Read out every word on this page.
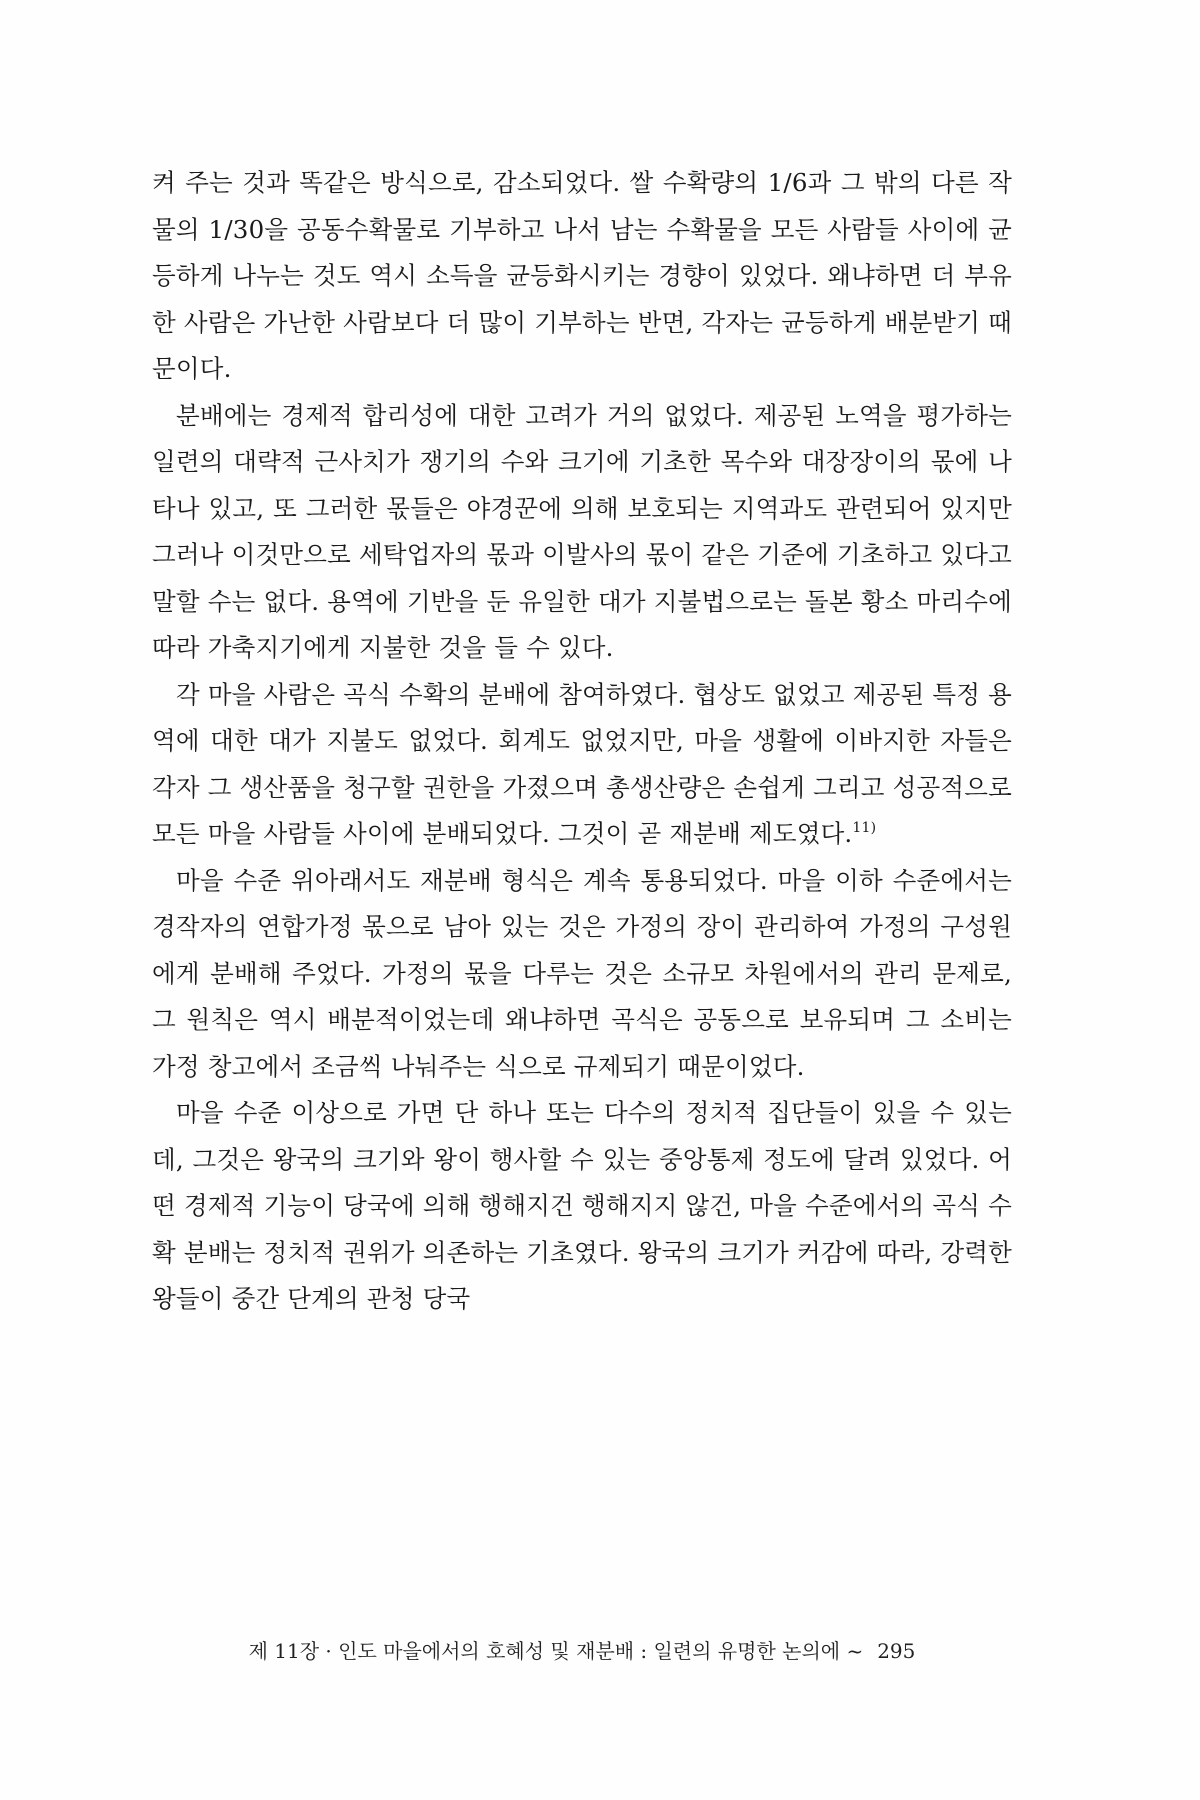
켜 주는 것과 똑같은 방식으로, 감소되었다. 쌀 수확량의 1/6과 그 밖의 다른 작물의 1/30을 공동수확물로 기부하고 나서 남는 수확물을 모든 사람들 사이에 균등하게 나누는 것도 역시 소득을 균등화시키는 경향이 있었다. 왜냐하면 더 부유한 사람은 가난한 사람보다 더 많이 기부하는 반면, 각자는 균등하게 배분받기 때문이다.

분배에는 경제적 합리성에 대한 고려가 거의 없었다. 제공된 노역을 평가하는 일련의 대략적 근사치가 쟁기의 수와 크기에 기초한 목수와 대장장이의 몫에 나타나 있고, 또 그러한 몫들은 야경꾼에 의해 보호되는 지역과도 관련되어 있지만 그러나 이것만으로 세탁업자의 몫과 이발사의 몫이 같은 기준에 기초하고 있다고 말할 수는 없다. 용역에 기반을 둔 유일한 대가 지불법으로는 돌본 황소 마리수에 따라 가축지기에게 지불한 것을 들 수 있다.

각 마을 사람은 곡식 수확의 분배에 참여하였다. 협상도 없었고 제공된 특정 용역에 대한 대가 지불도 없었다. 회계도 없었지만, 마을 생활에 이바지한 자들은 각자 그 생산품을 청구할 권한을 가졌으며 총생산량은 손쉽게 그리고 성공적으로 모든 마을 사람들 사이에 분배되었다. 그것이 곧 재분배 제도였다.$^{11)}$

마을 수준 위아래서도 재분배 형식은 계속 통용되었다. 마을 이하 수준에서는 경작자의 연합가정 몫으로 남아 있는 것은 가정의 장이 관리하여 가정의 구성원에게 분배해 주었다. 가정의 몫을 다루는 것은 소규모 차원에서의 관리 문제로, 그 원칙은 역시 배분적이었는데 왜냐하면 곡식은 공동으로 보유되며 그 소비는 가정 창고에서 조금씩 나눠주는 식으로 규제되기 때문이었다.

마을 수준 이상으로 가면 단 하나 또는 다수의 정치적 집단들이 있을 수 있는데, 그것은 왕국의 크기와 왕이 행사할 수 있는 중앙통제 정도에 달려 있었다. 어떤 경제적 기능이 당국에 의해 행해지건 행해지지 않건, 마을 수준에서의 곡식 수확 분배는 정치적 권위가 의존하는 기초였다. 왕국의 크기가 커감에 따라, 강력한 왕들이 중간 단계의 관청 당국

제 11장 · 인도 마을에서의 호혜성 및 재분배 : 일련의 유명한 논의에 ~ 295
